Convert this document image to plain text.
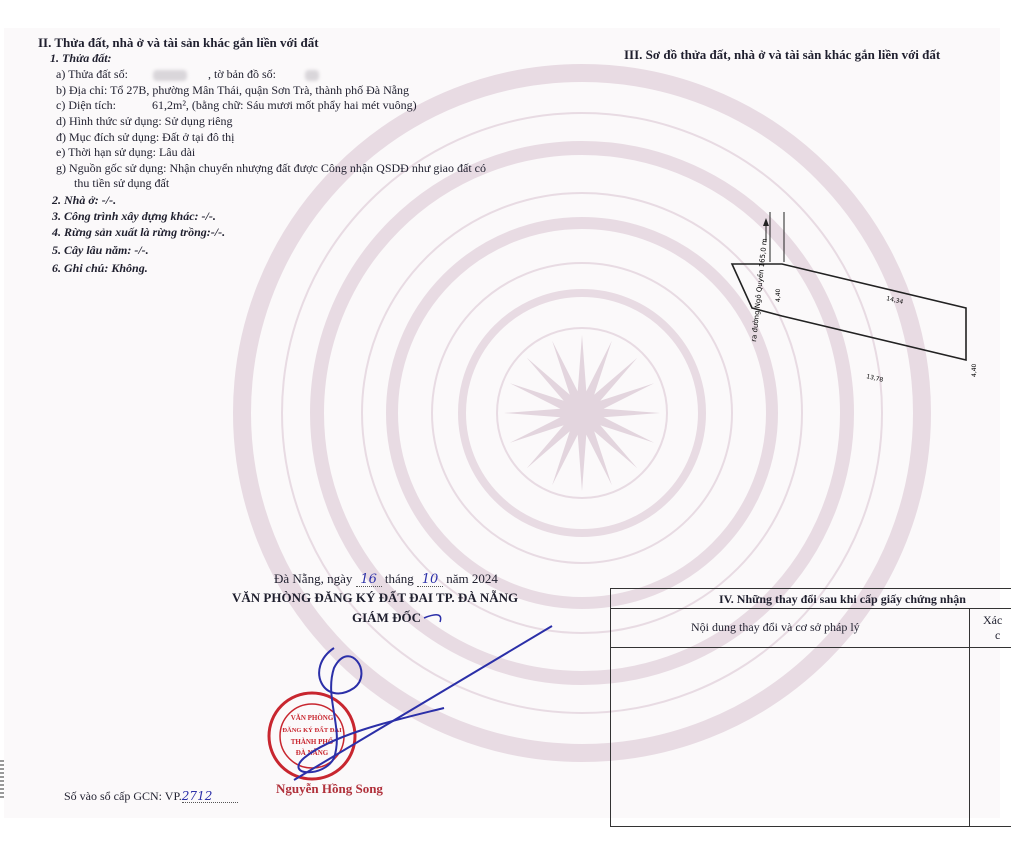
II. Thửa đất, nhà ở và tài sản khác gắn liền với đất
1. Thửa đất:
a) Thửa đất số:	, tờ bản đồ số:
b) Địa chỉ: Tổ 27B, phường Mân Thái, quận Sơn Trà, thành phố Đà Nẵng
c) Diện tích:	61,2m², (bằng chữ: Sáu mươi mốt phẩy hai mét vuông)
d) Hình thức sử dụng: Sử dụng riêng
đ) Mục đích sử dụng: Đất ở tại đô thị
e) Thời hạn sử dụng: Lâu dài
g) Nguồn gốc sử dụng: Nhận chuyển nhượng đất được Công nhận QSDĐ như giao đất có
thu tiền sử dụng đất
2. Nhà ở: -/-.
3. Công trình xây dựng khác: -/-.
4. Rừng sản xuất là rừng trồng:-/-.
5. Cây lâu năm: -/-.
6. Ghi chú: Không.
III. Sơ đồ thửa đất, nhà ở và tài sản khác gắn liền với đất
ra đường Ngô Quyền 165,0 m 4,40	14,34
13,78
4,40
Đà Nẵng, ngày 16 tháng 10 năm 2024
VĂN PHÒNG ĐĂNG KÝ ĐẤT ĐAI TP. ĐÀ NẴNG
GIÁM ĐỐC
VĂN PHÒNG
ĐĂNG KÝ ĐẤT ĐAI
THÀNH PHỐ
ĐÀ NẴNG
Nguyễn Hồng Song
Số vào sổ cấp GCN: VP.2712
IV. Những thay đổi sau khi cấp giấy chứng nhận
Nội dung thay đổi và cơ sở pháp lý	Xác
c
